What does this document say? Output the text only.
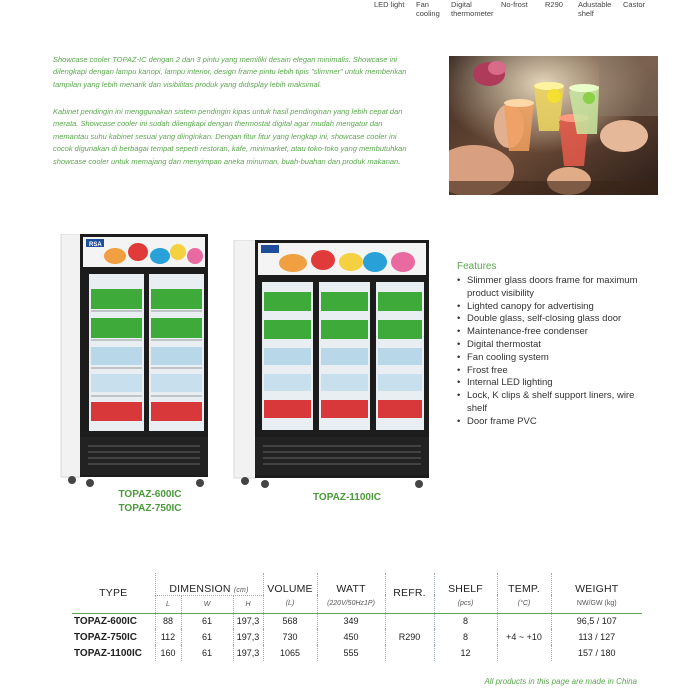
LED light Fan
cooling
Digital
thermometer
No-frost R290 Adustable
shelf
Castor

Showcase cooler TOPAZ-IC dengan 2 dan 3 pintu yang memiliki desain elegan minimalis. Showcase ini dilengkapi dengan lampu kanopi, lampu interior, design frame pintu lebih tipis "slimmer" untuk memberikan tampilan yang lebih menarik dan visibilitas produk yang didisplay lebih maksimal.

Kabinet pendingin ini menggunakan sistem pendingin kipas untuk hasil pendinginan yang lebih cepat dan merata. Showcase cooler ini sudah dilengkapi dengan thermostat digital agar mudah mengatur dan memantau suhu kabinet sesuai yang diinginkan. Dengan fitur fitur yang lengkap ini, showcase cooler ini cocok digunakan di berbagai tempat seperti restoran, kafe, minimarket, atau toko-toko yang membutuhkan showcase cooler untuk memajang dan menyimpan aneka minuman, buah-buahan dan produk makanan.

RSA
TOPAZ-600IC
TOPAZ-750IC
TOPAZ-1100IC
Features
• Slimmer glass doors frame for maximum product visibility
• Lighted canopy for advertising
• Double glass, self-closing glass door
• Maintenance-free condenser
• Digital thermostat
• Fan cooling system
• Frost free
• Internal LED lighting
• Lock, K clips & shelf support liners, wire shelf
• Door frame PVC
TYPE	DIMENSION (cm)			VOLUME	WATT	REFR.	SHELF	TEMP.	WEIGHT
	L	W	H	(L)	(220V/50Hz1P)		(pcs)	(°C)	NW/GW (kg)
TOPAZ-600IC	88	61	197,3	568	349	R290	8	+4 ~ +10	96,5 / 107
TOPAZ-750IC	112	61	197,3	730	450		8		113 / 127
TOPAZ-1100IC	160	61	197,3	1065	555		12		157 / 180
All products in this page are made in China
